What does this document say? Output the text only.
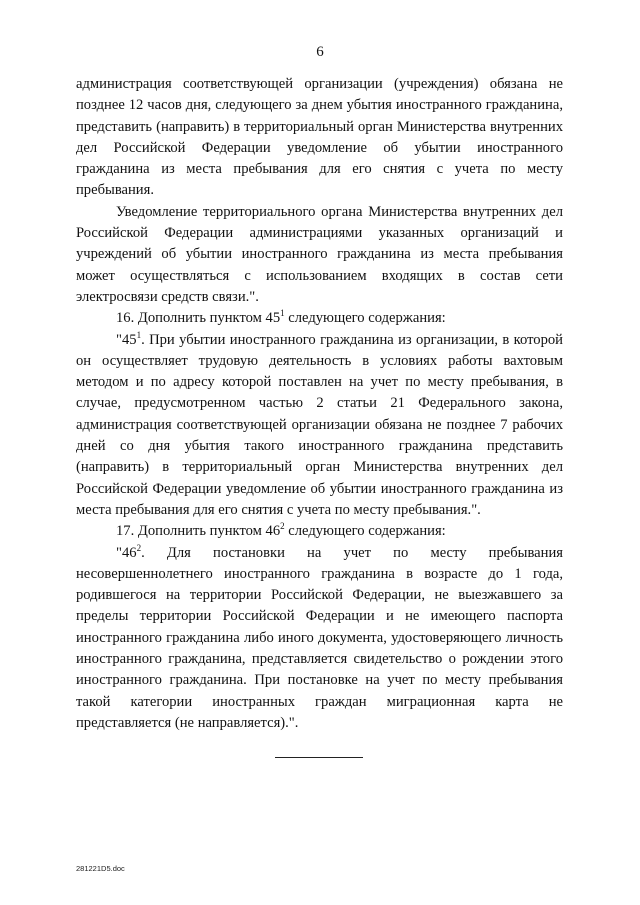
6

администрация соответствующей организации (учреждения) обязана не позднее 12 часов дня, следующего за днем убытия иностранного гражданина, представить (направить) в территориальный орган Министерства внутренних дел Российской Федерации уведомление об убытии иностранного гражданина из места пребывания для его снятия с учета по месту пребывания.

Уведомление территориального органа Министерства внутренних дел Российской Федерации администрациями указанных организаций и учреждений об убытии иностранного гражданина из места пребывания может осуществляться с использованием входящих в состав сети электросвязи средств связи.".

16. Дополнить пунктом $45^1$ следующего содержания:

"$45^1$. При убытии иностранного гражданина из организации, в которой он осуществляет трудовую деятельность в условиях работы вахтовым методом и по адресу которой поставлен на учет по месту пребывания, в случае, предусмотренном частью 2 статьи 21 Федерального закона, администрация соответствующей организации обязана не позднее 7 рабочих дней со дня убытия такого иностранного гражданина представить (направить) в территориальный орган Министерства внутренних дел Российской Федерации уведомление об убытии иностранного гражданина из места пребывания для его снятия с учета по месту пребывания.".

17. Дополнить пунктом $46^2$ следующего содержания:

"$46^2$. Для постановки на учет по месту пребывания несовершеннолетнего иностранного гражданина в возрасте до 1 года, родившегося на территории Российской Федерации, не выезжавшего за пределы территории Российской Федерации и не имеющего паспорта иностранного гражданина либо иного документа, удостоверяющего личность иностранного гражданина, представляется свидетельство о рождении этого иностранного гражданина. При постановке на учет по месту пребывания такой категории иностранных граждан миграционная карта не представляется (не направляется).".

281221D5.doc
